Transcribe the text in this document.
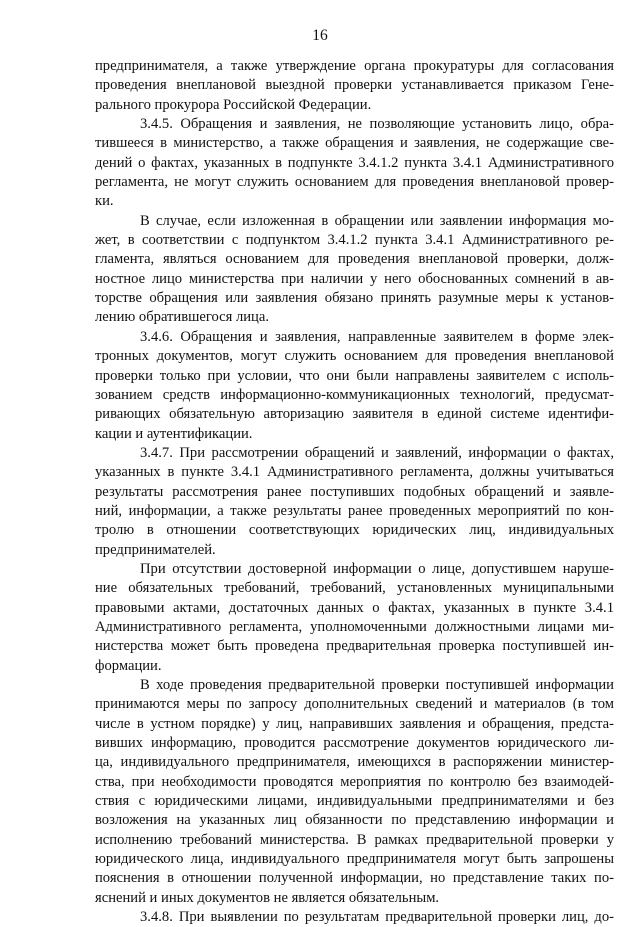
16
предпринимателя, а также утверждение органа прокуратуры для согласования
проведения внеплановой выездной проверки устанавливается приказом Гене-
рального прокурора Российской Федерации.
3.4.5. Обращения и заявления, не позволяющие установить лицо, обра-
тившееся в министерство, а также обращения и заявления, не содержащие све-
дений о фактах, указанных в подпункте 3.4.1.2 пункта 3.4.1 Административного
регламента, не могут служить основанием для проведения внеплановой провер-
ки.
В случае, если изложенная в обращении или заявлении информация мо-
жет, в соответствии с подпунктом 3.4.1.2 пункта 3.4.1 Административного ре-
гламента, являться основанием для проведения внеплановой проверки, долж-
ностное лицо министерства при наличии у него обоснованных сомнений в ав-
торстве обращения или заявления обязано принять разумные меры к установ-
лению обратившегося лица.
3.4.6. Обращения и заявления, направленные заявителем в форме элек-
тронных документов, могут служить основанием для проведения внеплановой
проверки только при условии, что они были направлены заявителем с исполь-
зованием средств информационно-коммуникационных технологий, предусмат-
ривающих обязательную авторизацию заявителя в единой системе идентифи-
кации и аутентификации.
3.4.7. При рассмотрении обращений и заявлений, информации о фактах,
указанных в пункте 3.4.1 Административного регламента, должны учитываться
результаты рассмотрения ранее поступивших подобных обращений и заявле-
ний, информации, а также результаты ранее проведенных мероприятий по кон-
тролю в отношении соответствующих юридических лиц, индивидуальных
предпринимателей.
При отсутствии достоверной информации о лице, допустившем наруше-
ние обязательных требований, требований, установленных муниципальными
правовыми актами, достаточных данных о фактах, указанных в пункте 3.4.1
Административного регламента, уполномоченными должностными лицами ми-
нистерства может быть проведена предварительная проверка поступившей ин-
формации.
В ходе проведения предварительной проверки поступившей информации
принимаются меры по запросу дополнительных сведений и материалов (в том
числе в устном порядке) у лиц, направивших заявления и обращения, предста-
вивших информацию, проводится рассмотрение документов юридического ли-
ца, индивидуального предпринимателя, имеющихся в распоряжении министер-
ства, при необходимости проводятся мероприятия по контролю без взаимодей-
ствия с юридическими лицами, индивидуальными предпринимателями и без
возложения на указанных лиц обязанности по представлению информации и
исполнению требований министерства. В рамках предварительной проверки у
юридического лица, индивидуального предпринимателя могут быть запрошены
пояснения в отношении полученной информации, но представление таких по-
яснений и иных документов не является обязательным.
3.4.8. При выявлении по результатам предварительной проверки лиц, до-
